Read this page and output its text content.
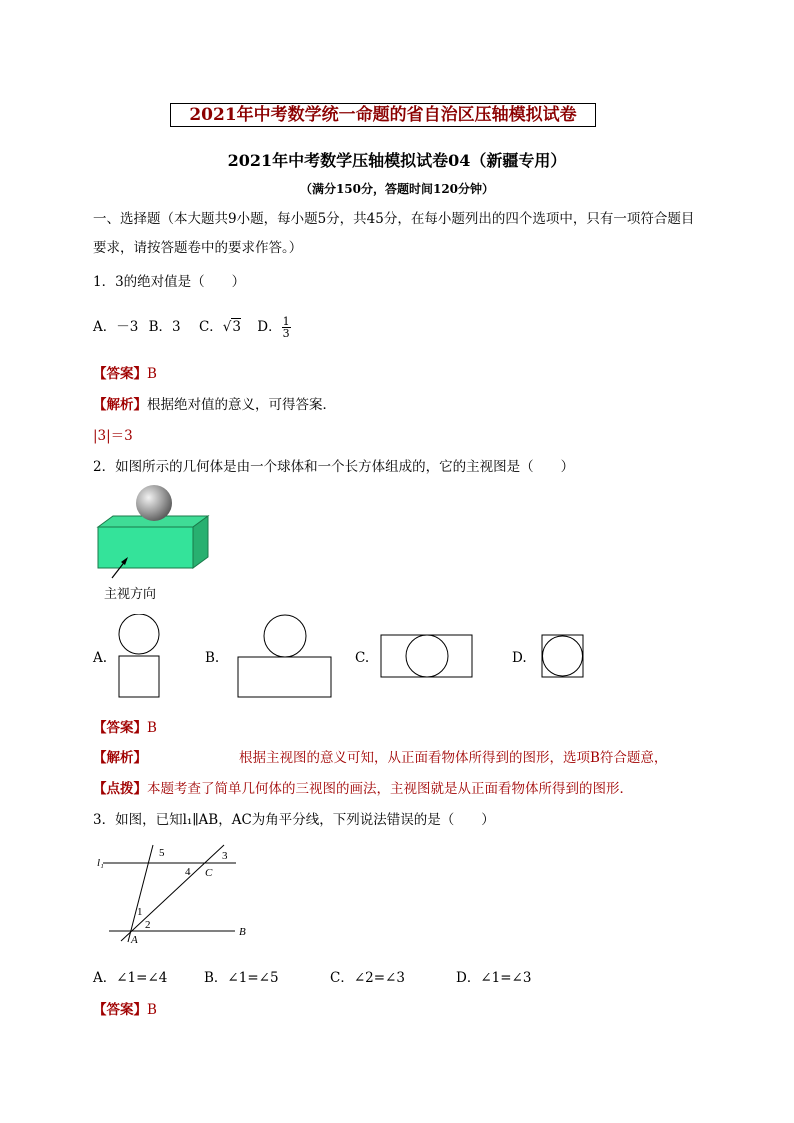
2021年中考数学统一命题的省自治区压轴模拟试卷
2021年中考数学压轴模拟试卷04（新疆专用）
（满分150分，答题时间120分钟）
一、选择题（本大题共9小题，每小题5分，共45分，在每小题列出的四个选项中，只有一项符合题目
要求，请按答题卷中的要求作答。）
1．3的绝对值是（　　）
A．－3 B．3 C．√3 D． $\frac{1}{3}$
【答案】B
【解析】根据绝对值的意义，可得答案．
|3|＝3
2．如图所示的几何体是由一个球体和一个长方体组成的，它的主视图是（　　）
主视方向
A.	B.	C.	D.
【答案】B
【解析】	根据主视图的意义可知，从正面看物体所得到的图形，选项B符合题意，
【点拨】本题考查了简单几何体的三视图的画法，主视图就是从正面看物体所得到的图形．
3．如图，已知l₁∥AB，AC为角平分线，下列说法错误的是（　　）
l₁
5	3
4 C
1
2
A
B
A．∠1=∠4	B．∠1=∠5	C．∠2=∠3	D．∠1=∠3
【答案】B
